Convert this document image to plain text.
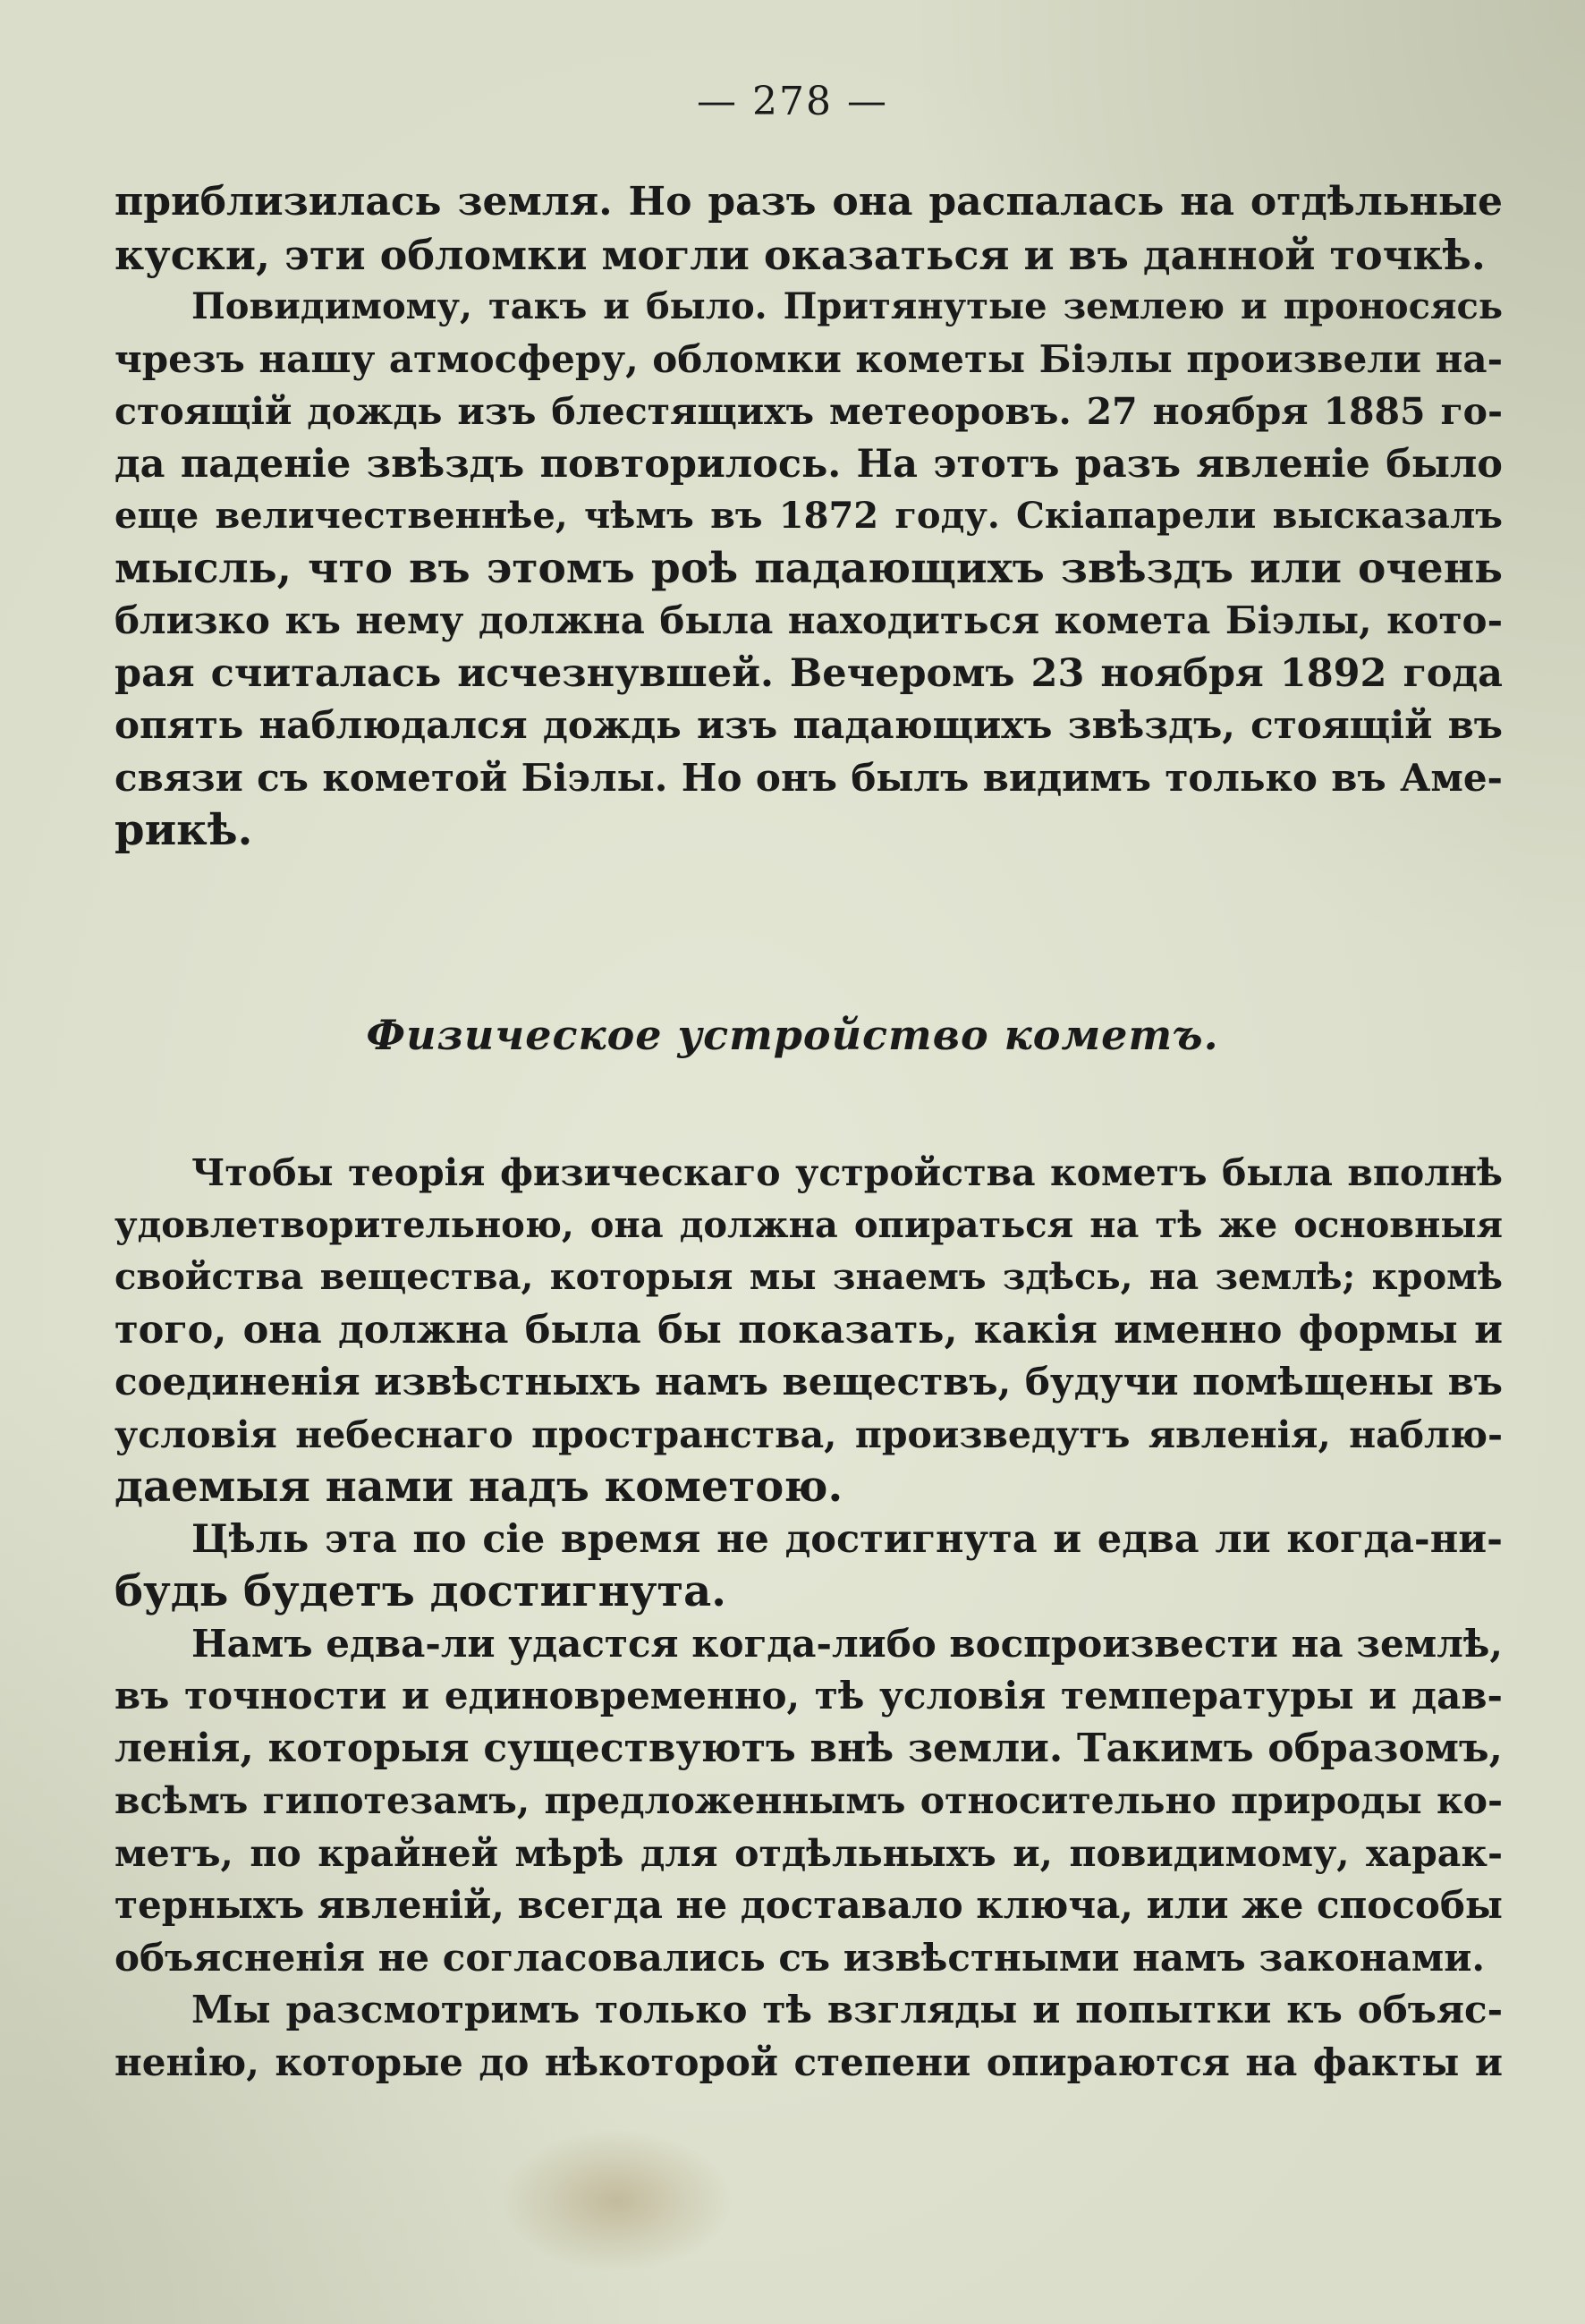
— 278 —
приблизилась земля. Но разъ она распалась на отдѣльные
куски, эти обломки могли оказаться и въ данной точкѣ.
Повидимому, такъ и было. Притянутые землею и проносясь
чрезъ нашу атмосферу, обломки кометы Біэлы произвели на-
стоящій дождь изъ блестящихъ метеоровъ. 27 ноября 1885 го-
да паденіе звѣздъ повторилось. На этотъ разъ явленіе было
еще величественнѣе, чѣмъ въ 1872 году. Скіапарели высказалъ
мысль, что въ этомъ роѣ падающихъ звѣздъ или очень
близко къ нему должна была находиться комета Біэлы, кото-
рая считалась исчезнувшей. Вечеромъ 23 ноября 1892 года
опять наблюдался дождь изъ падающихъ звѣздъ, стоящій въ
связи съ кометой Біэлы. Но онъ былъ видимъ только въ Аме-
рикѣ.
Физическое устройство кометъ.
Чтобы теорія физическаго устройства кометъ была вполнѣ
удовлетворительною, она должна опираться на тѣ же основныя
свойства вещества, которыя мы знаемъ здѣсь, на землѣ; кромѣ
того, она должна была бы показать, какія именно формы и
соединенія извѣстныхъ намъ веществъ, будучи помѣщены въ
условія небеснаго пространства, произведутъ явленія, наблю-
даемыя нами надъ кометою.
Цѣль эта по сіе время не достигнута и едва ли когда-ни-
будь будетъ достигнута.
Намъ едва-ли удастся когда-либо воспроизвести на землѣ,
въ точности и единовременно, тѣ условія температуры и дав-
ленія, которыя существуютъ внѣ земли. Такимъ образомъ,
всѣмъ гипотезамъ, предложеннымъ относительно природы ко-
метъ, по крайней мѣрѣ для отдѣльныхъ и, повидимому, харак-
терныхъ явленій, всегда не доставало ключа, или же способы
объясненія не согласовались съ извѣстными намъ законами.
Мы разсмотримъ только тѣ взгляды и попытки къ объяс-
ненію, которые до нѣкоторой степени опираются на факты и
